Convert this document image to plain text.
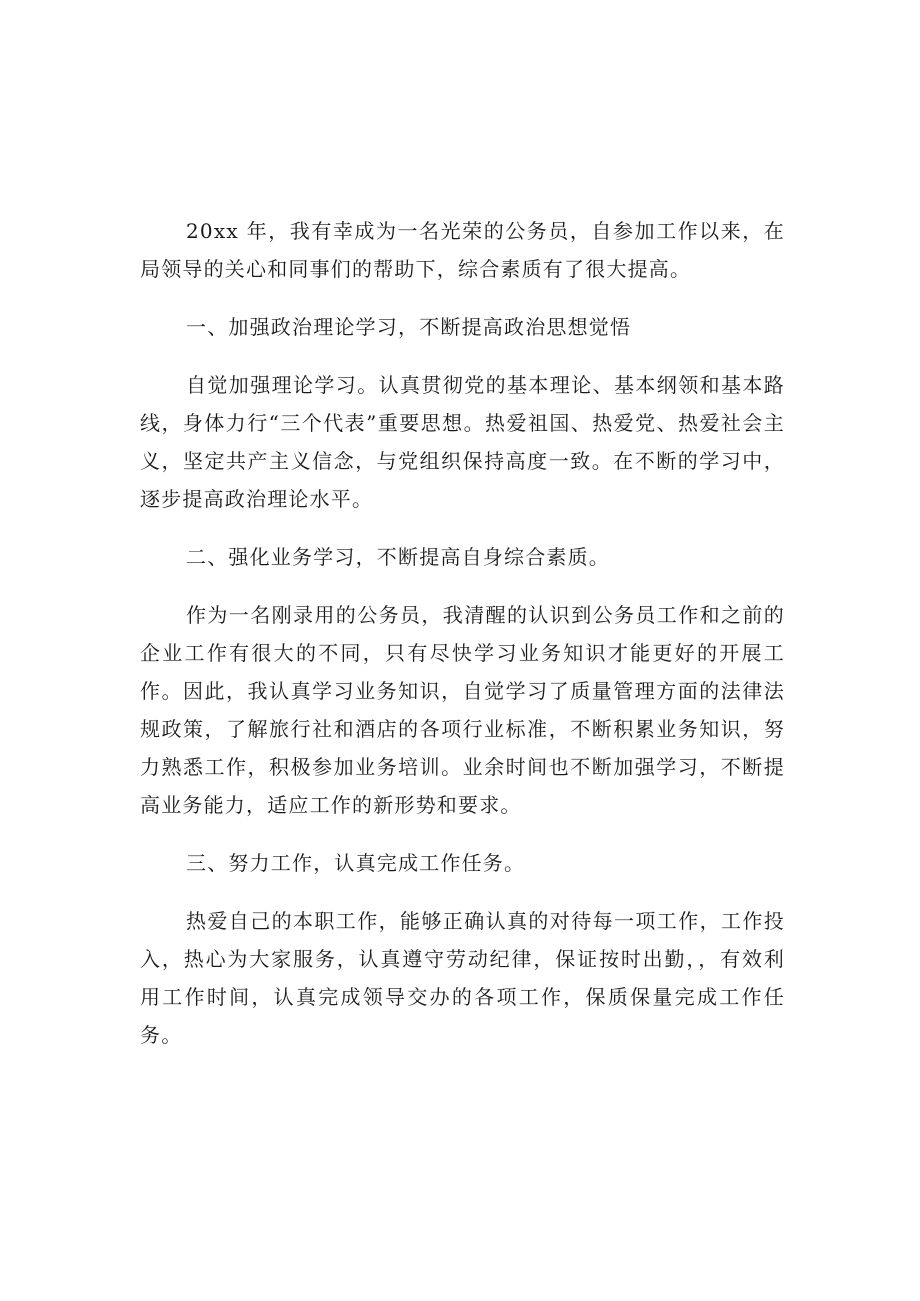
20xx 年，我有幸成为一名光荣的公务员，自参加工作以来，在局领导的关心和同事们的帮助下，综合素质有了很大提高。

一、加强政治理论学习，不断提高政治思想觉悟

自觉加强理论学习。认真贯彻党的基本理论、基本纲领和基本路线，身体力行“三个代表”重要思想。热爱祖国、热爱党、热爱社会主义，坚定共产主义信念，与党组织保持高度一致。在不断的学习中，逐步提高政治理论水平。

二、强化业务学习，不断提高自身综合素质。

作为一名刚录用的公务员，我清醒的认识到公务员工作和之前的企业工作有很大的不同，只有尽快学习业务知识才能更好的开展工作。因此，我认真学习业务知识，自觉学习了质量管理方面的法律法规政策，了解旅行社和酒店的各项行业标准，不断积累业务知识，努力熟悉工作，积极参加业务培训。业余时间也不断加强学习，不断提高业务能力，适应工作的新形势和要求。

三、努力工作，认真完成工作任务。

热爱自己的本职工作，能够正确认真的对待每一项工作，工作投入，热心为大家服务，认真遵守劳动纪律，保证按时出勤，，有效利用工作时间，认真完成领导交办的各项工作，保质保量完成工作任务。
